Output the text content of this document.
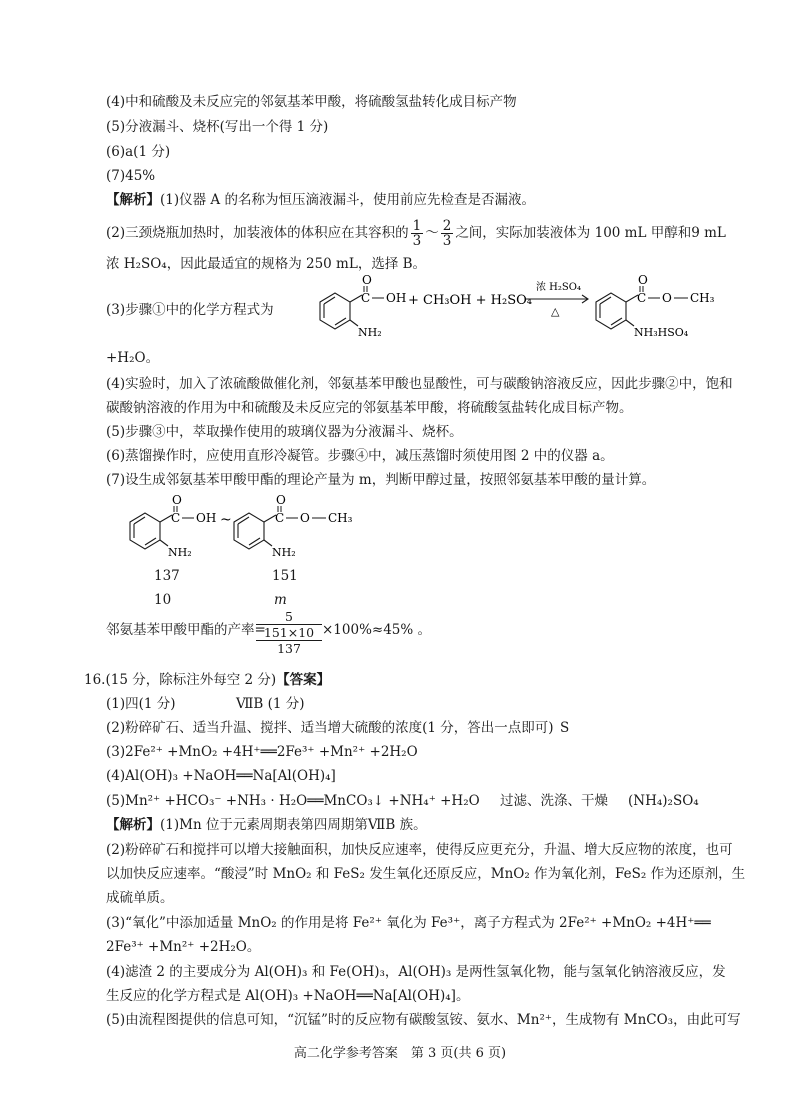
(4)中和硫酸及未反应完的邻氨基苯甲酸，将硫酸氢盐转化成目标产物
(5)分液漏斗、烧杯(写出一个得 1 分)
(6)a(1 分)
(7)45%
【解析】(1)仪器 A 的名称为恒压滴液漏斗，使用前应先检查是否漏液。
(2)三颈烧瓶加热时，加装液体的体积应在其容积的 $\frac{1}{3}$ ～ $\frac{2}{3}$ 之间，实际加装液体为 100 mL 甲醇和9 mL
浓 H₂SO₄，因此最适宜的规格为 250 mL，选择 B。
(3)步骤①中的化学方程式为
O
C OH
NH₂
+ CH₃OH + H₂SO₄
浓 H₂SO₄
△
O
C O CH₃
NH₃HSO₄
+H₂O。
(4)实验时，加入了浓硫酸做催化剂，邻氨基苯甲酸也显酸性，可与碳酸钠溶液反应，因此步骤②中，饱和
碳酸钠溶液的作用为中和硫酸及未反应完的邻氨基苯甲酸，将硫酸氢盐转化成目标产物。
(5)步骤③中，萃取操作使用的玻璃仪器为分液漏斗、烧杯。
(6)蒸馏操作时，应使用直形冷凝管。步骤④中，减压蒸馏时须使用图 2 中的仪器 a。
(7)设生成邻氨基苯甲酸甲酯的理论产量为 m，判断甲醇过量，按照邻氨基苯甲酸的量计算。
O
C OH
NH₂
~
O
C O CH₃
NH₂
137	151
10	m
邻氨基苯甲酸甲酯的产率=
5
151×10
137
×100%≈45% 。
16.(15 分，除标注外每空 2 分)【答案】
(1)四(1 分)	ⅦB (1 分)
(2)粉碎矿石、适当升温、搅拌、适当增大硫酸的浓度(1 分，答出一点即可) S
(3)2Fe²⁺ +MnO₂ +4H⁺══2Fe³⁺ +Mn²⁺ +2H₂O
(4)Al(OH)₃ +NaOH══Na[Al(OH)₄]
(5)Mn²⁺ +HCO₃⁻ +NH₃ · H₂O══MnCO₃↓ +NH₄⁺ +H₂O 过滤、洗涤、干燥 (NH₄)₂SO₄
【解析】(1)Mn 位于元素周期表第四周期第ⅦB 族。
(2)粉碎矿石和搅拌可以增大接触面积，加快反应速率，使得反应更充分，升温、增大反应物的浓度，也可
以加快反应速率。“酸浸”时 MnO₂ 和 FeS₂ 发生氧化还原反应，MnO₂ 作为氧化剂，FeS₂ 作为还原剂，生
成硫单质。
(3)“氧化”中添加适量 MnO₂ 的作用是将 Fe²⁺ 氧化为 Fe³⁺，离子方程式为 2Fe²⁺ +MnO₂ +4H⁺══
2Fe³⁺ +Mn²⁺ +2H₂O。
(4)滤渣 2 的主要成分为 Al(OH)₃ 和 Fe(OH)₃，Al(OH)₃ 是两性氢氧化物，能与氢氧化钠溶液反应，发
生反应的化学方程式是 Al(OH)₃ +NaOH══Na[Al(OH)₄]。
(5)由流程图提供的信息可知，“沉锰”时的反应物有碳酸氢铵、氨水、Mn²⁺，生成物有 MnCO₃，由此可写
高二化学参考答案　第 3 页(共 6 页)
